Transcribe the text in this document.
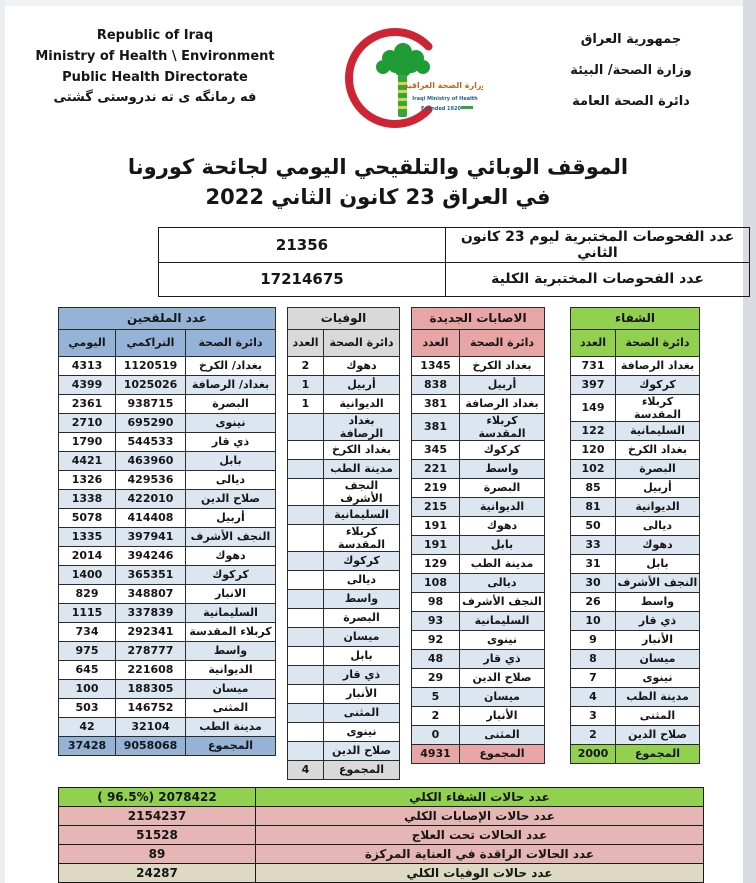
Republic of Iraq
Ministry of Health \ Environment
Public Health Directorate
فه رمانگه ى ته ندروستى گشتى
وزارة الصحة العراقية
Iraqi Ministry of Health
Founded 1920
جمهورية العراق
وزارة الصحة/ البيئة
دائرة الصحة العامة
الموقف الوبائي والتلقيحي اليومي لجائحة كورونا
في العراق 23 كانون الثاني 2022
21356	عدد الفحوصات المختبرية ليوم 23 كانون الثاني
17214675	عدد الفحوصات المختبرية الكلية
عدد الملقحين		
اليومي	التراكمي	دائرة الصحة
4313	1120519	بغداد/ الكرخ
4399	1025026	بغداد/ الرصافة
2361	938715	البصرة
2710	695290	نينوى
1790	544533	ذي قار
4421	463960	بابل
1326	429536	ديالى
1338	422010	صلاح الدين
5078	414408	أربيل
1335	397941	النجف الأشرف
2014	394246	دهوك
1400	365351	كركوك
829	348807	الانبار
1115	337839	السليمانية
734	292341	كربلاء المقدسة
975	278777	واسط
645	221608	الديوانية
100	188305	ميسان
503	146752	المثنى
42	32104	مدينة الطب
37428	9058068	المجموع
الوفيات	
العدد	دائرة الصحة
2	دهوك
1	أربيل
1	الديوانية
	بغداد الرصافة
	بغداد الكرخ
	مدينة الطب
	النجف الأشرف
	السليمانية
	كربلاء المقدسة
	كركوك
	ديالى
	واسط
	البصرة
	ميسان
	بابل
	ذي قار
	الأنبار
	المثنى
	نينوى
	صلاح الدين
4	المجموع
الاصابات الجديدة	
العدد	دائرة الصحة
1345	بغداد الكرخ
838	أربيل
381	بغداد الرصافة
381	كربلاء المقدسة
345	كركوك
221	واسط
219	البصرة
215	الديوانية
191	دهوك
191	بابل
129	مدينة الطب
108	ديالى
98	النجف الأشرف
93	السليمانية
92	نينوى
48	ذي قار
29	صلاح الدين
5	ميسان
2	الأنبار
0	المثنى
4931	المجموع
الشفاء	
العدد	دائرة الصحة
731	بغداد الرصافة
397	كركوك
149	كربلاء المقدسة
122	السليمانية
120	بغداد الكرخ
102	البصرة
85	أربيل
81	الديوانية
50	ديالى
33	دهوك
31	بابل
30	النجف الأشرف
26	واسط
10	ذي قار
9	الأنبار
8	ميسان
7	نينوى
4	مدينة الطب
3	المثنى
2	صلاح الدين
2000	المجموع
( 96.5%) 2078422	عدد حالات الشفاء الكلي
2154237	عدد حالات الإصابات الكلي
51528	عدد الحالات تحت العلاج
89	عدد الحالات الراقدة في العناية المركزة
24287	عدد حالات الوفيات الكلي
